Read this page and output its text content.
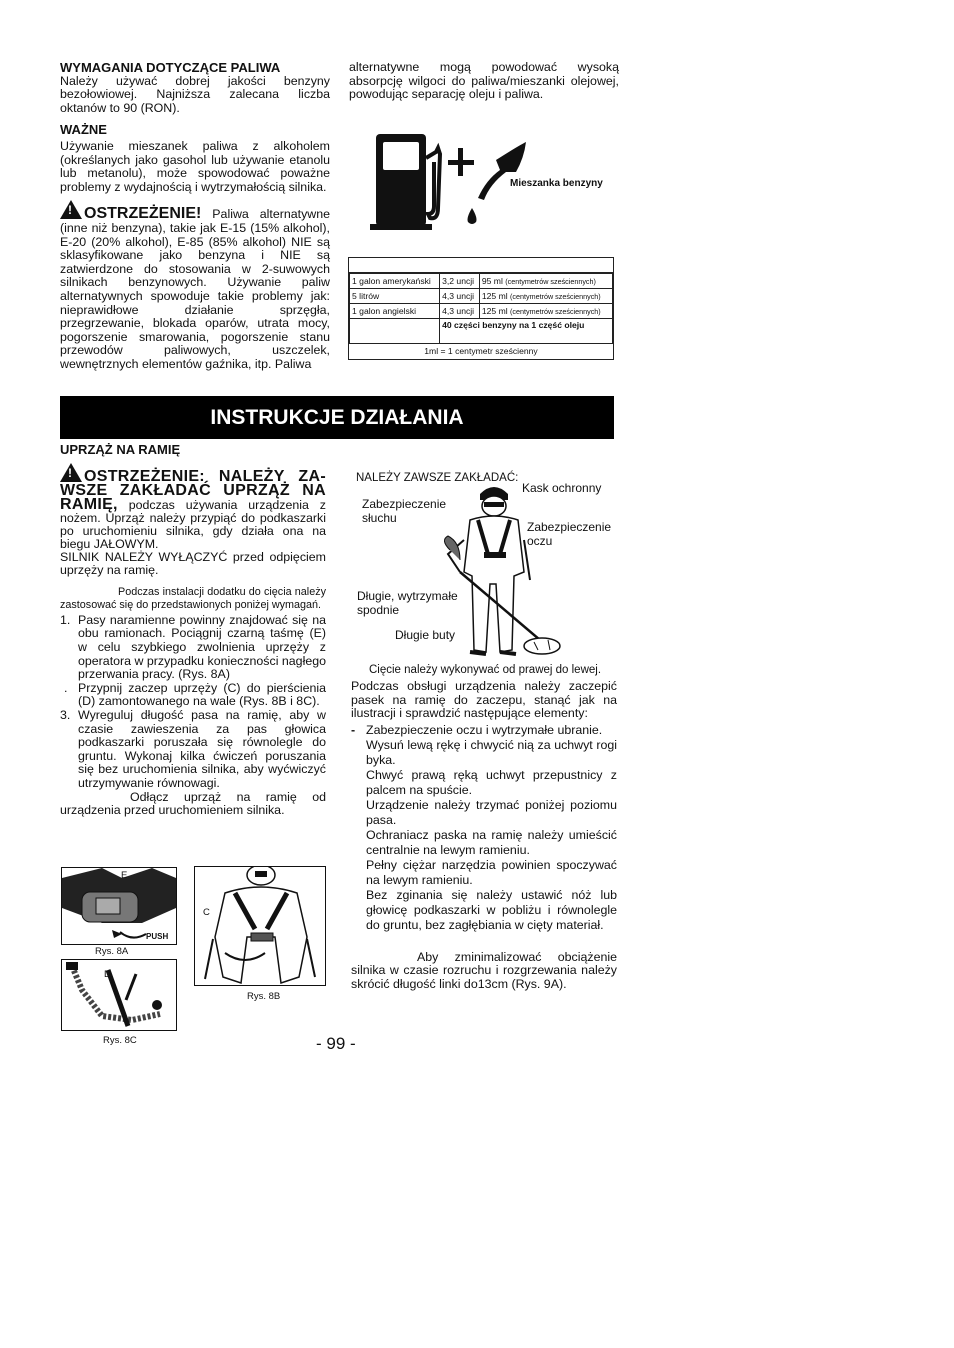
WYMAGANIA DOTYCZĄCE PALIWA

Należy używać dobrej jakości benzyny bezołowiowej. Najniższa zalecana liczba oktanów to 90 (RON).

WAŻNE

Używanie mieszanek paliwa z alkoholem (określanych jako gasohol lub używanie etanolu lub metanolu), może spowodować poważne problemy z wydajnością i wytrzymałością silnika.

!OSTRZEŻENIE! Paliwa alternatywne (inne niż benzyna), takie jak E-15 (15% alkohol), E-20 (20% alkohol), E-85 (85% alkohol) NIE są sklasyfikowane jako benzyna i NIE są zatwierdzone do stosowania w 2-suwowych silnikach benzynowych. Używanie paliw alternatywnych spowoduje takie problemy jak: nieprawidłowe działanie sprzęgła, przegrzewanie, blokada oparów, utrata mocy, pogorszenie smarowania, pogorszenie stanu przewodów paliwowych, uszczelek, wewnętrznych elementów gaźnika, itp. Paliwa

alternatywne mogą powodować wysoką absorpcję wilgoci do paliwa/mieszanki olejowej, powodując separację oleju i paliwa.
Mieszanka benzyny
1 galon amerykański	3,2 uncji	95 ml (centymetrów sześciennych)
5 litrów	4,3 uncji	125 ml (centymetrów sześciennych)
1 galon angielski	4,3 uncji	125 ml (centymetrów sześciennych)
	40 części benzyny na 1 część oleju	
1ml = 1 centymetr sześcienny		
INSTRUKCJE DZIAŁANIA

UPRZĄŻ NA RAMIĘ

!OSTRZEŻENIE: NALEŻY ZA-WSZE ZAKŁADAĆ UPRZĄŻ NA RAMIĘ, podczas używania urządzenia z nożem. Uprząż należy przypiąć do podkaszarki po uruchomieniu silnika, gdy działa ona na biegu JAŁOWYM.

SILNIK NALEŻY WYŁĄCZYĆ przed odpięciem uprzęży na ramię.

Podczas instalacji dodatku do cięcia należy zastosować się do przedstawionych poniżej wymagań.

1. Pasy naramienne powinny znajdować się na obu ramionach. Pociągnij czarną taśmę (E) w celu szybkiego zwolnienia uprzęży z operatora w przypadku konieczności nagłego przerwania pracy. (Rys. 8A)
. Przypnij zaczep uprzęży (C) do pierścienia (D) zamontowanego na wale (Rys. 8B i 8C).
3. Wyreguluj długość pasa na ramię, aby w czasie zawieszenia za pas głowica podkaszarki poruszała się równolegle do gruntu. Wykonaj kilka ćwiczeń poruszania się bez uruchomienia silnika, aby wyćwiczyć utrzymywanie równowagi.

Odłącz uprząż na ramię od urządzenia przed uruchomieniem silnika.

E
PUSH
Rys. 8A
D
Rys. 8C
C
Rys. 8B
NALEŻY ZAWSZE ZAKŁADAĆ:
Kask ochronny
Zabezpieczenie
słuchu
Zabezpieczenie
oczu
Długie, wytrzymałe
spodnie
Długie buty
Cięcie należy wykonywać od prawej do lewej.

Podczas obsługi urządzenia należy zaczepić pasek na ramię do zaczepu, stanąć jak na ilustracji i sprawdzić następujące elementy:

- Zabezpieczenie oczu i wytrzymałe ubranie.
Wysuń lewą rękę i chwycić nią za uchwyt rogi byka.
Chwyć prawą ręką uchwyt przepustnicy z palcem na spuście.
Urządzenie należy trzymać poniżej poziomu pasa.
Ochraniacz paska na ramię należy umieścić centralnie na lewym ramieniu.
Pełny ciężar narzędzia powinien spoczywać na lewym ramieniu.
Bez zginania się należy ustawić nóż lub głowicę podkaszarki w pobliżu i równolegle do gruntu, bez zagłębiania w cięty materiał.

Aby zminimalizować obciążenie silnika w czasie rozruchu i rozgrzewania należy skrócić długość linki do13cm (Rys. 9A).

- 99 -
